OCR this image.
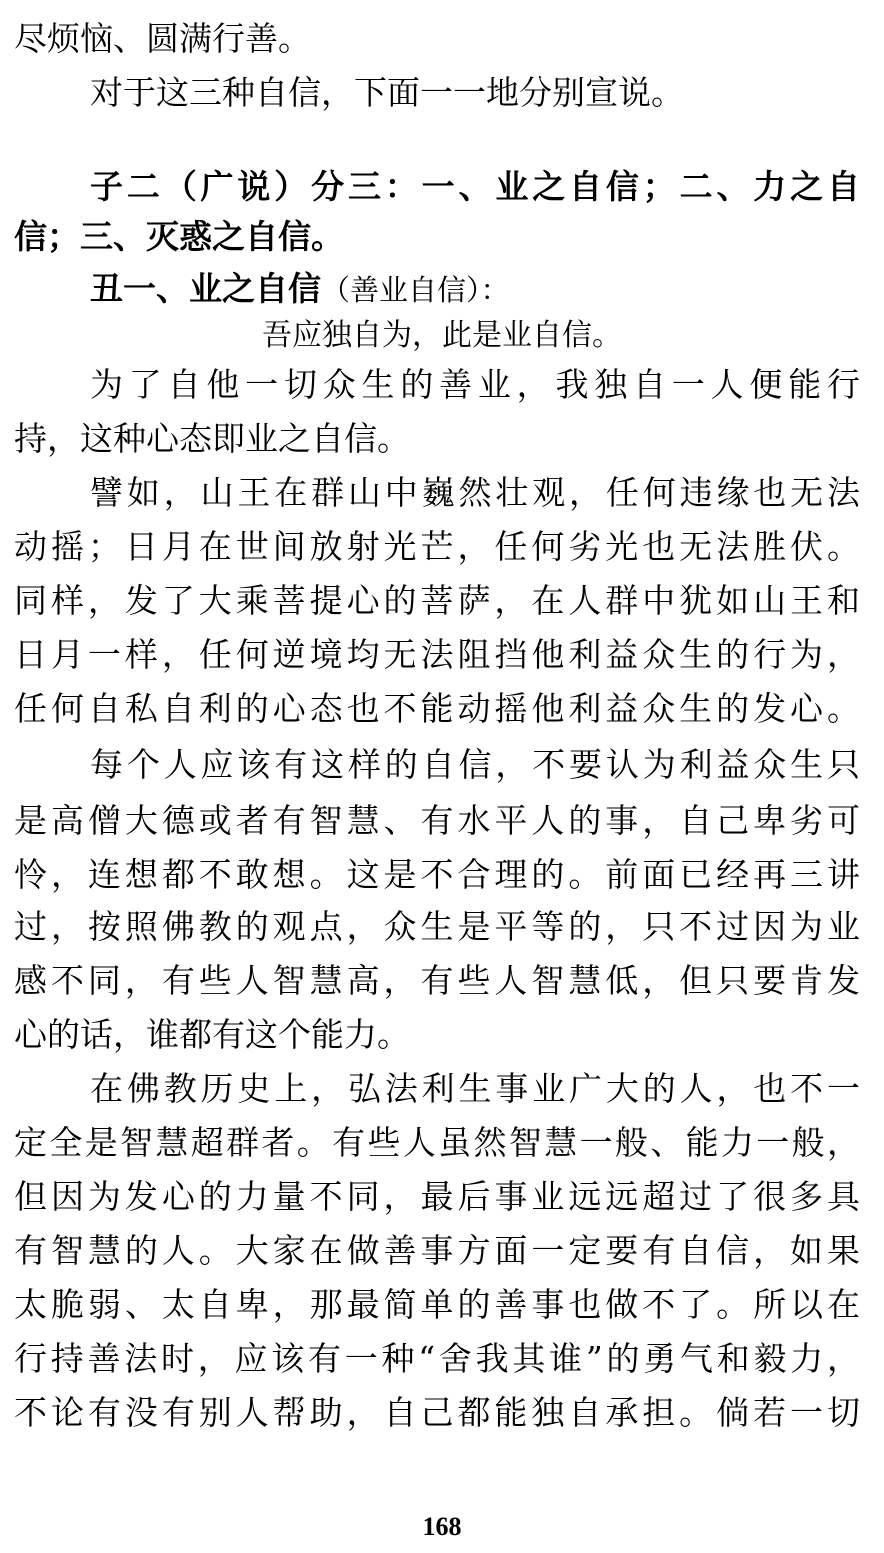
尽烦恼、圆满行善。
对于这三种自信，下面一一地分别宣说。
子二（广说）分三：一、业之自信；二、力之自
信；三、灭惑之自信。
丑一、业之自信（善业自信）：
吾应独自为，此是业自信。
为了自他一切众生的善业，我独自一人便能行
持，这种心态即业之自信。
譬如，山王在群山中巍然壮观，任何违缘也无法
动摇；日月在世间放射光芒，任何劣光也无法胜伏。
同样，发了大乘菩提心的菩萨，在人群中犹如山王和
日月一样，任何逆境均无法阻挡他利益众生的行为，
任何自私自利的心态也不能动摇他利益众生的发心。
每个人应该有这样的自信，不要认为利益众生只
是高僧大德或者有智慧、有水平人的事，自己卑劣可
怜，连想都不敢想。这是不合理的。前面已经再三讲
过，按照佛教的观点，众生是平等的，只不过因为业
感不同，有些人智慧高，有些人智慧低，但只要肯发
心的话，谁都有这个能力。
在佛教历史上，弘法利生事业广大的人，也不一
定全是智慧超群者。有些人虽然智慧一般、能力一般，
但因为发心的力量不同，最后事业远远超过了很多具
有智慧的人。大家在做善事方面一定要有自信，如果
太脆弱、太自卑，那最简单的善事也做不了。所以在
行持善法时，应该有一种“舍我其谁”的勇气和毅力，
不论有没有别人帮助，自己都能独自承担。倘若一切
168
